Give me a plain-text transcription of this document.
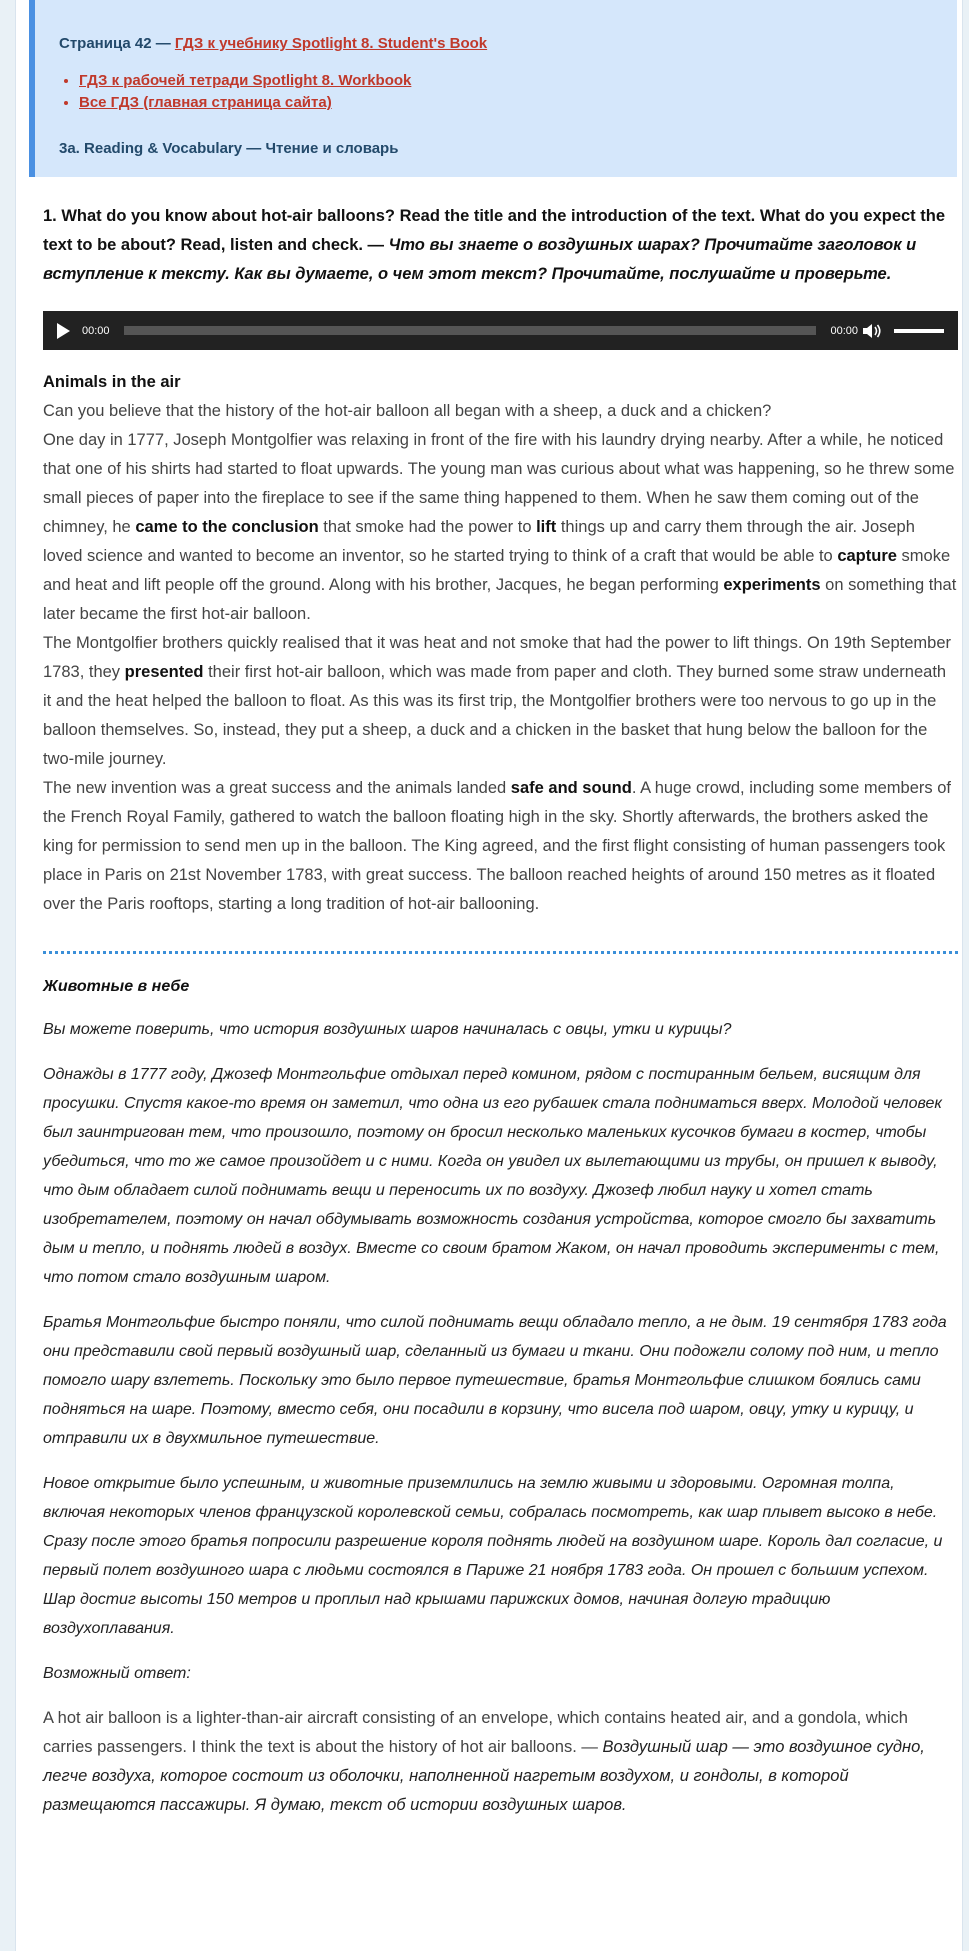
Страница 42 — ГДЗ к учебнику Spotlight 8. Student's Book
• ГДЗ к рабочей тетради Spotlight 8. Workbook
• Все ГДЗ (главная страница сайта)
3a. Reading & Vocabulary — Чтение и словарь

1. What do you know about hot-air balloons? Read the title and the introduction of the text. What do you expect the text to be about? Read, listen and check. — Что вы знаете о воздушных шарах? Прочитайте заголовок и вступление к тексту. Как вы думаете, о чем этот текст? Прочитайте, послушайте и проверьте.

00:00	00:00
Animals in the air

Can you believe that the history of the hot-air balloon all began with a sheep, a duck and a chicken?

One day in 1777, Joseph Montgolfier was relaxing in front of the fire with his laundry drying nearby. After a while, he noticed that one of his shirts had started to float upwards. The young man was curious about what was happening, so he threw some small pieces of paper into the fireplace to see if the same thing happened to them. When he saw them coming out of the chimney, he came to the conclusion that smoke had the power to lift things up and carry them through the air. Joseph loved science and wanted to become an inventor, so he started trying to think of a craft that would be able to capture smoke and heat and lift people off the ground. Along with his brother, Jacques, he began performing experiments on something that later became the first hot-air balloon.

The Montgolfier brothers quickly realised that it was heat and not smoke that had the power to lift things. On 19th September 1783, they presented their first hot-air balloon, which was made from paper and cloth. They burned some straw underneath it and the heat helped the balloon to float. As this was its first trip, the Montgolfier brothers were too nervous to go up in the balloon themselves. So, instead, they put a sheep, a duck and a chicken in the basket that hung below the balloon for the two-mile journey.

The new invention was a great success and the animals landed safe and sound. A huge crowd, including some members of the French Royal Family, gathered to watch the balloon floating high in the sky. Shortly afterwards, the brothers asked the king for permission to send men up in the balloon. The King agreed, and the first flight consisting of human passengers took place in Paris on 21st November 1783, with great success. The balloon reached heights of around 150 metres as it floated over the Paris rooftops, starting a long tradition of hot-air ballooning.

Животные в небе

Вы можете поверить, что история воздушных шаров начиналась с овцы, утки и курицы?

Однажды в 1777 году, Джозеф Монтгольфие отдыхал перед комином, рядом с постиранным бельем, висящим для просушки. Спустя какое-то время он заметил, что одна из его рубашек стала подниматься вверх. Молодой человек был заинтригован тем, что произошло, поэтому он бросил несколько маленьких кусочков бумаги в костер, чтобы убедиться, что то же самое произойдет и с ними. Когда он увидел их вылетающими из трубы, он пришел к выводу, что дым обладает силой поднимать вещи и переносить их по воздуху. Джозеф любил науку и хотел стать изобретателем, поэтому он начал обдумывать возможность создания устройства, которое смогло бы захватить дым и тепло, и поднять людей в воздух. Вместе со своим братом Жаком, он начал проводить эксперименты с тем, что потом стало воздушным шаром.

Братья Монтгольфие быстро поняли, что силой поднимать вещи обладало тепло, а не дым. 19 сентября 1783 года они представили свой первый воздушный шар, сделанный из бумаги и ткани. Они подожгли солому под ним, и тепло помогло шару взлететь. Поскольку это было первое путешествие, братья Монтгольфие слишком боялись сами подняться на шаре. Поэтому, вместо себя, они посадили в корзину, что висела под шаром, овцу, утку и курицу, и отправили их в двухмильное путешествие.

Новое открытие было успешным, и животные приземлились на землю живыми и здоровыми. Огромная толпа, включая некоторых членов французской королевской семьи, собралась посмотреть, как шар плывет высоко в небе. Сразу после этого братья попросили разрешение короля поднять людей на воздушном шаре. Король дал согласие, и первый полет воздушного шара с людьми состоялся в Париже 21 ноября 1783 года. Он прошел с большим успехом. Шар достиг высоты 150 метров и проплыл над крышами парижских домов, начиная долгую традицию воздухоплавания.

Возможный ответ:

A hot air balloon is a lighter-than-air aircraft consisting of an envelope, which contains heated air, and a gondola, which carries passengers. I think the text is about the history of hot air balloons. — Воздушный шар — это воздушное судно, легче воздуха, которое состоит из оболочки, наполненной нагретым воздухом, и гондолы, в которой размещаются пассажиры. Я думаю, текст об истории воздушных шаров.
